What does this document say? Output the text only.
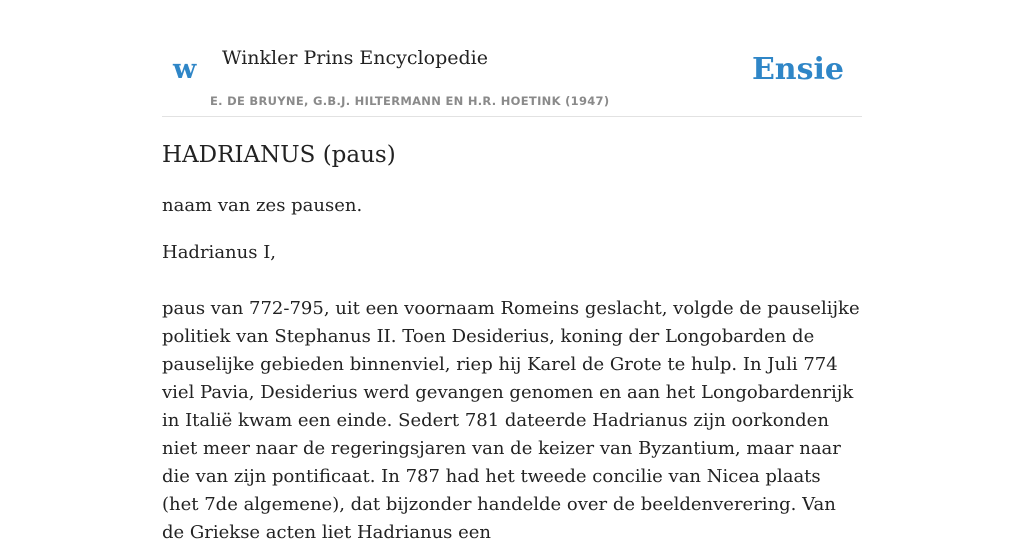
w Winkler Prins Encyclopedie
E. DE BRUYNE, G.B.J. HILTERMANN EN H.R. HOETINK (1947)
Ensie
HADRIANUS (paus)

naam van zes pausen.

Hadrianus I,

paus van 772-795, uit een voornaam Romeins geslacht, volgde de pauselijke politiek van Stephanus II. Toen Desiderius, koning der Longobarden de pauselijke gebieden binnenviel, riep hij Karel de Grote te hulp. In Juli 774 viel Pavia, Desiderius werd gevangen genomen en aan het Longobardenrijk in Italië kwam een einde. Sedert 781 dateerde Hadrianus zijn oorkonden niet meer naar de regeringsjaren van de keizer van Byzantium, maar naar die van zijn pontificaat. In 787 had het tweede concilie van Nicea plaats (het 7de algemene), dat bijzonder handelde over de beeldenverering. Van de Griekse acten liet Hadrianus een
